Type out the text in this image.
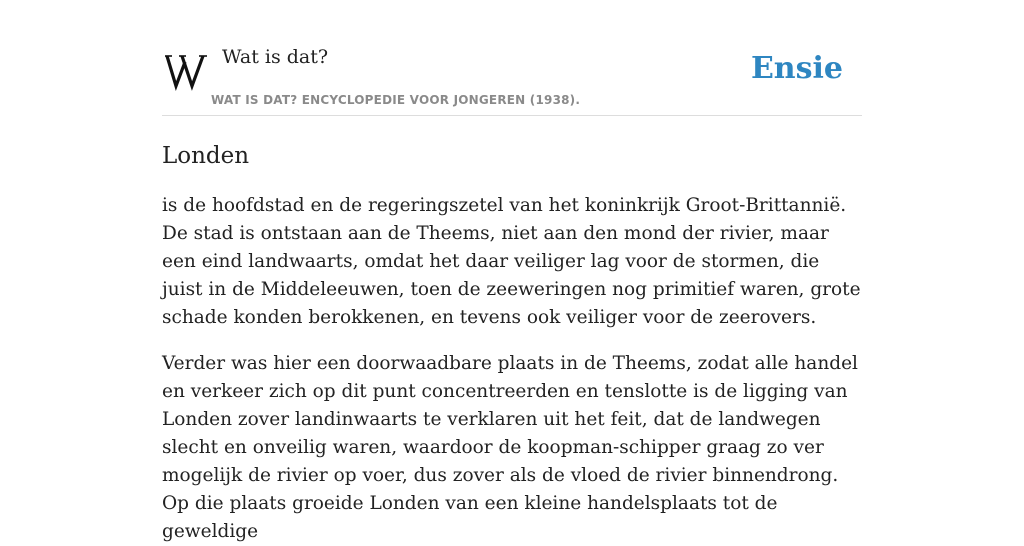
Wat is dat?
WAT IS DAT? ENCYCLOPEDIE VOOR JONGEREN (1938).
Ensie
Londen

is de hoofdstad en de regeringszetel van het koninkrijk Groot-Brittannië. De stad is ontstaan aan de Theems, niet aan den mond der rivier, maar een eind landwaarts, omdat het daar veiliger lag voor de stormen, die juist in de Middeleeuwen, toen de zeeweringen nog primitief waren, grote schade konden berokkenen, en tevens ook veiliger voor de zeerovers.

Verder was hier een doorwaadbare plaats in de Theems, zodat alle handel en verkeer zich op dit punt concentreerden en tenslotte is de ligging van Londen zover landinwaarts te verklaren uit het feit, dat de landwegen slecht en onveilig waren, waardoor de koopman-schipper graag zo ver mogelijk de rivier op voer, dus zover als de vloed de rivier binnendrong.

Op die plaats groeide Londen van een kleine handelsplaats tot de geweldige
